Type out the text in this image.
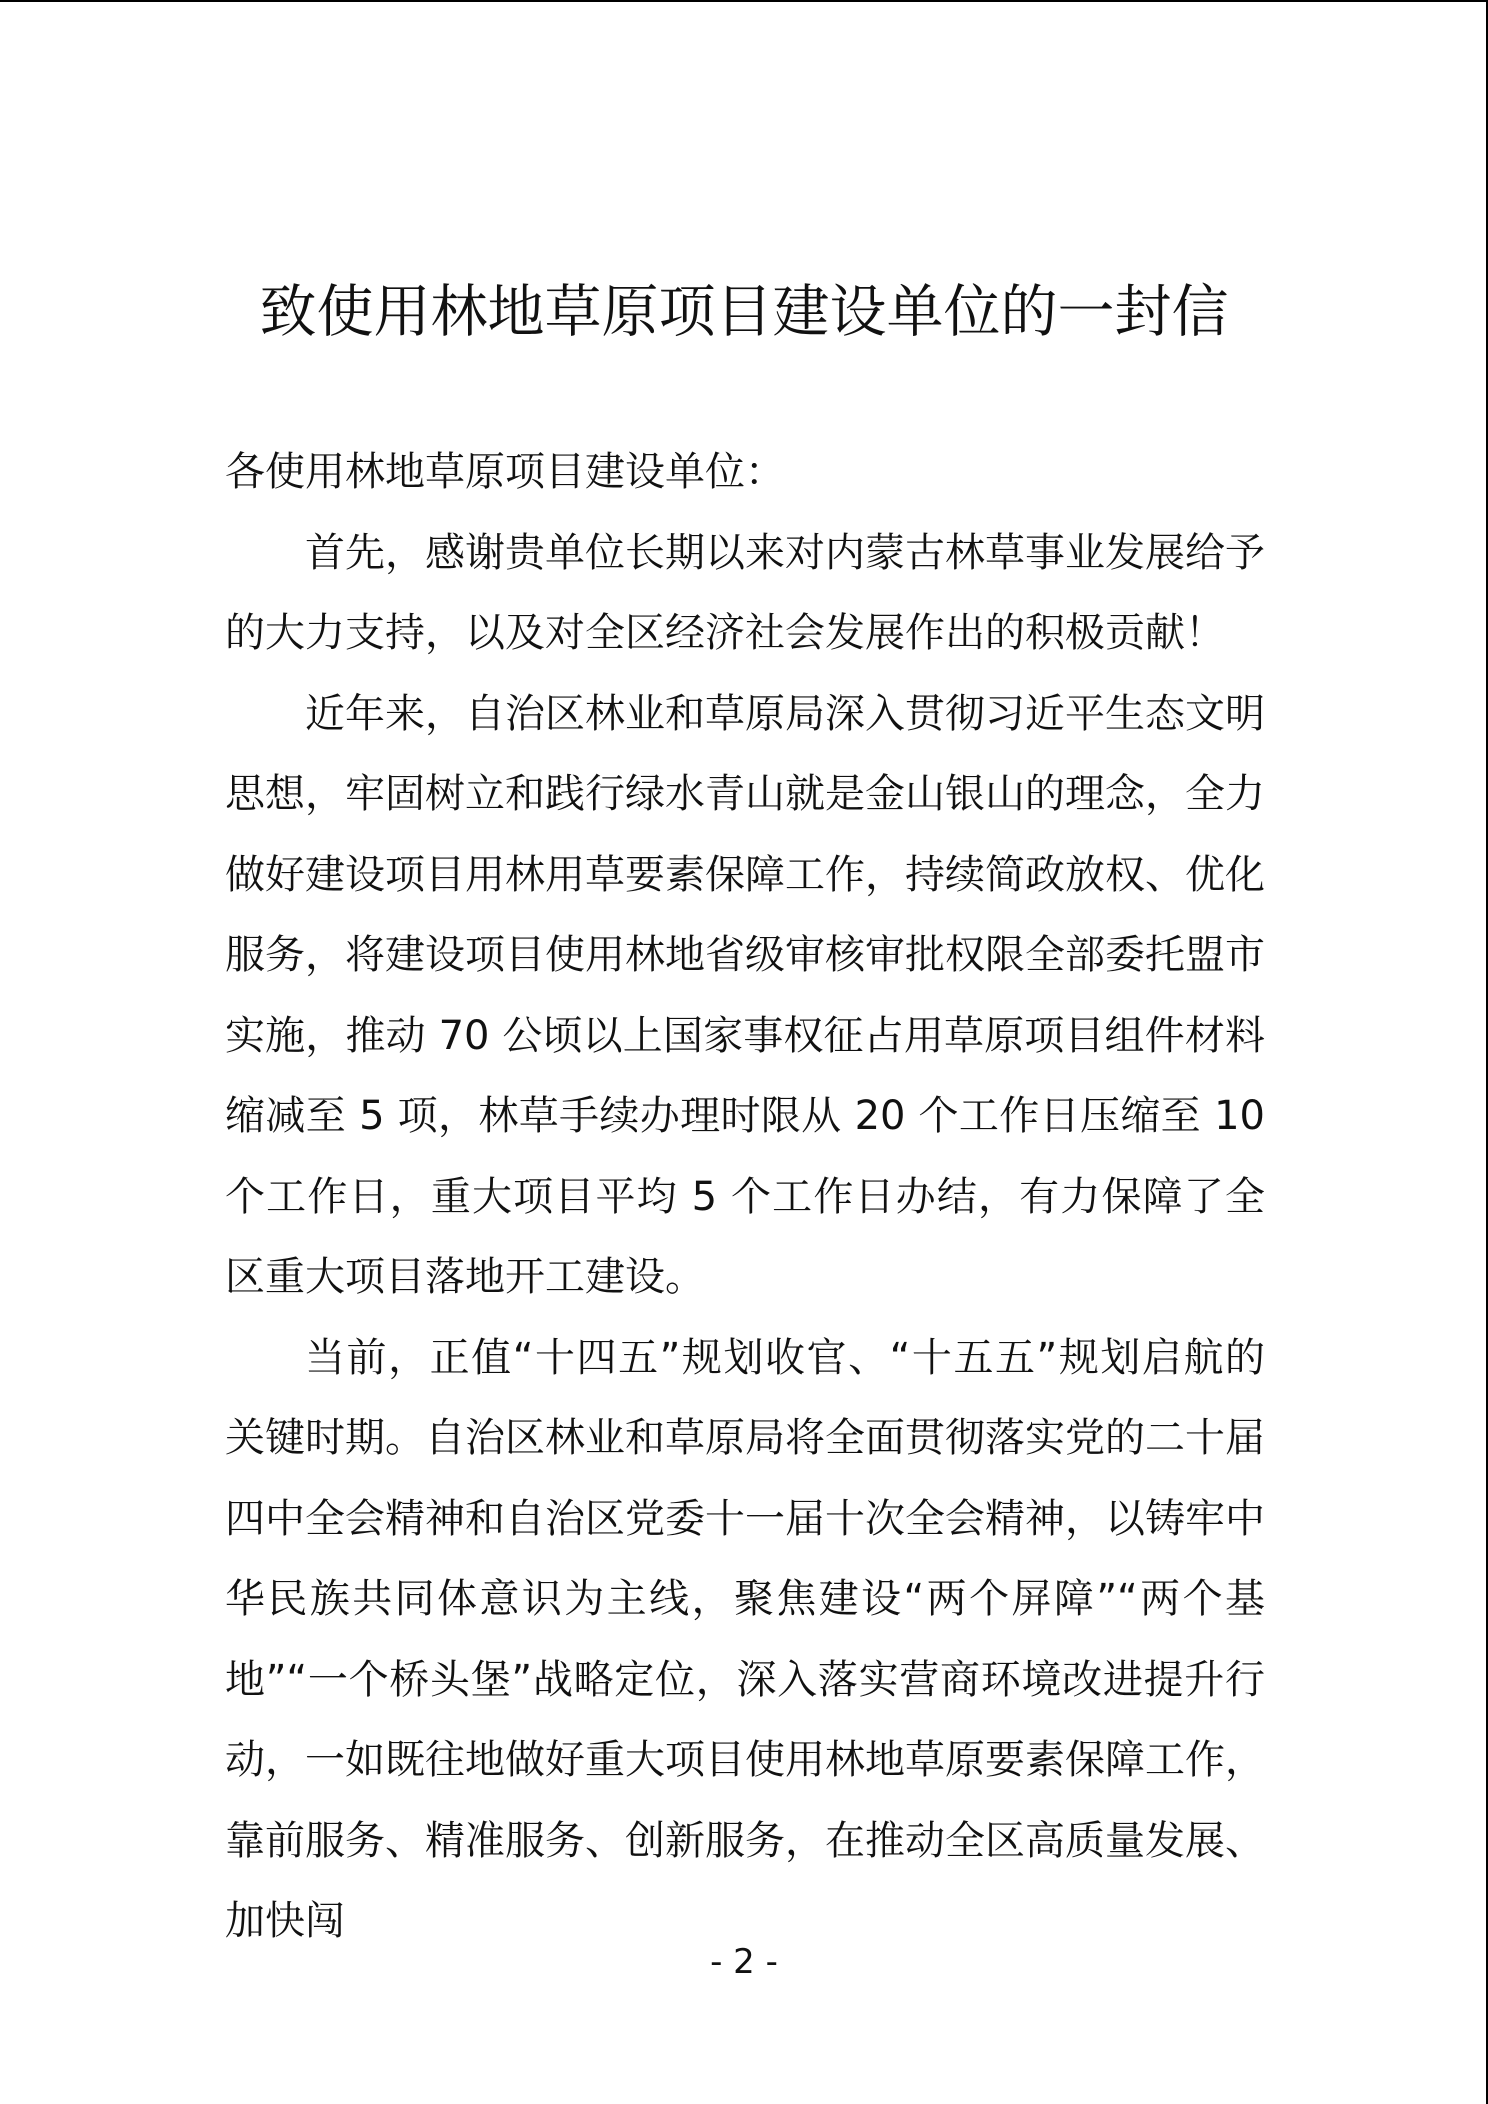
致使用林地草原项目建设单位的一封信

各使用林地草原项目建设单位：

首先，感谢贵单位长期以来对内蒙古林草事业发展给予的大力支持，以及对全区经济社会发展作出的积极贡献！

近年来，自治区林业和草原局深入贯彻习近平生态文明思想，牢固树立和践行绿水青山就是金山银山的理念，全力做好建设项目用林用草要素保障工作，持续简政放权、优化服务，将建设项目使用林地省级审核审批权限全部委托盟市实施，推动 70 公顷以上国家事权征占用草原项目组件材料缩减至 5 项，林草手续办理时限从 20 个工作日压缩至 10 个工作日，重大项目平均 5 个工作日办结，有力保障了全区重大项目落地开工建设。

当前，正值“十四五”规划收官、“十五五”规划启航的关键时期。自治区林业和草原局将全面贯彻落实党的二十届四中全会精神和自治区党委十一届十次全会精神，以铸牢中华民族共同体意识为主线，聚焦建设“两个屏障”“两个基地”“一个桥头堡”战略定位，深入落实营商环境改进提升行动，一如既往地做好重大项目使用林地草原要素保障工作，靠前服务、精准服务、创新服务，在推动全区高质量发展、加快闯

- 2 -
